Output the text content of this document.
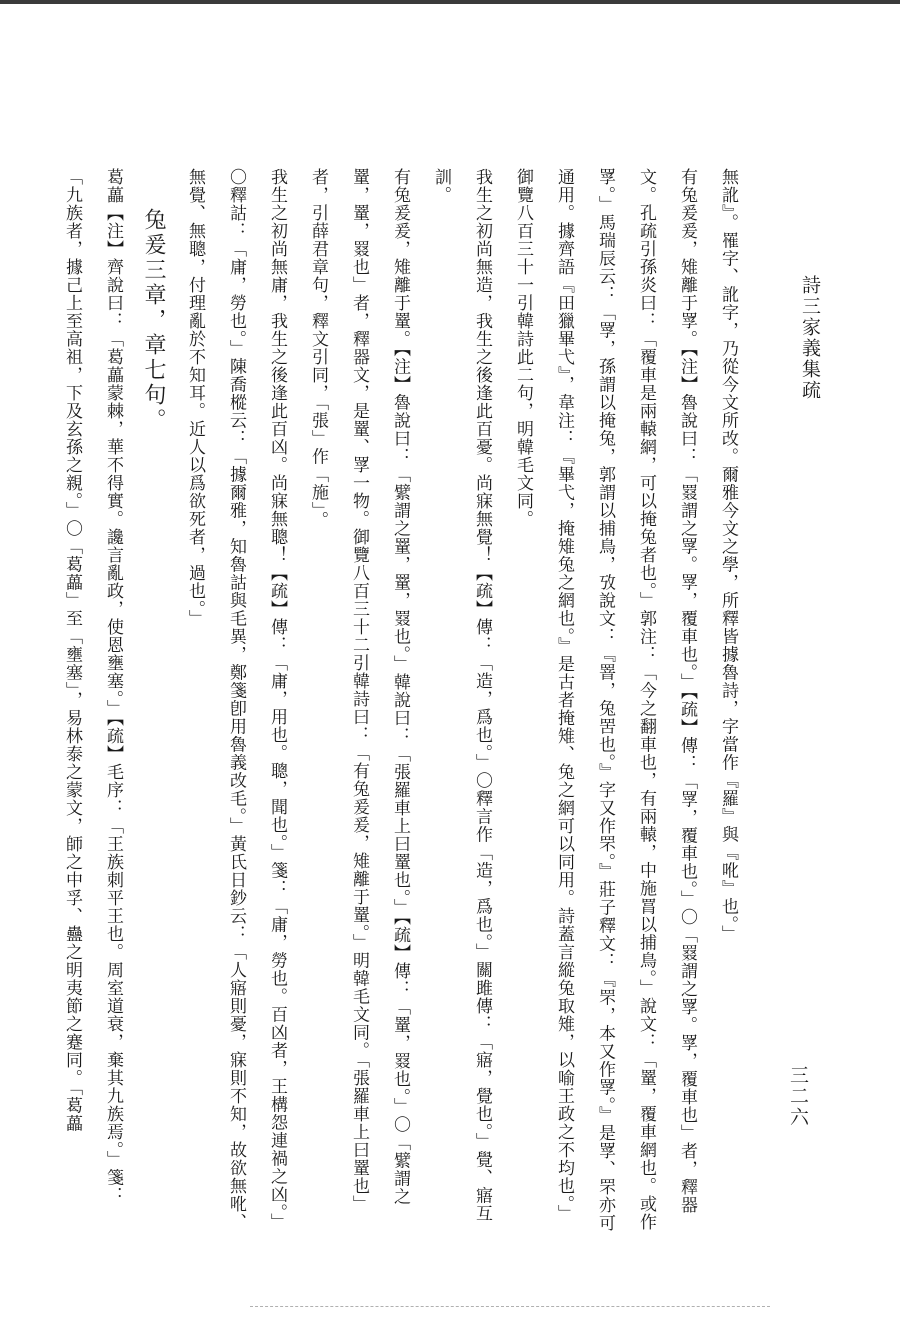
詩三家義集疏
三二六

無訛』。罹字、訛字，乃從今文所改。爾雅今文之學，所釋皆據魯詩，字當作『羅』與『吪』也。」

有兔爰爰，雉離于罦。【注】魯說曰：「罬謂之罦。罦，覆車也。」【疏】傳：「罦，覆車也。」〇「罬謂之罦。罦，覆車也」者，釋器文。孔疏引孫炎曰：「覆車是兩轅網，可以掩兔者也。」郭注：「今之翻車也，有兩轅，中施罥以捕鳥。」說文：「罿，覆車網也。或作罦。」馬瑞辰云：「罦，孫謂以掩兔，郭謂以捕鳥，攷說文：『罯，兔罟也。』字又作罘。』莊子釋文：『罘，本又作罦。』是罦、罘亦可通用。據齊語『田獵畢弋』，韋注：『畢弋，掩雉兔之網也。』是古者掩雉、兔之網可以同用。詩蓋言縱兔取雉，以喻王政之不均也。」御覽八百三十一引韓詩此二句，明韓毛文同。

我生之初尚無造，我生之後逢此百憂。尚寐無覺！【疏】傳：「造，爲也。」〇釋言作「造，爲也。」關雎傳：「寤，覺也。」覺、寤互訓。

有兔爰爰，雉離于罿。【注】魯說曰：「繴謂之罿，罿，罬也。」韓說曰：「張羅車上曰罿也。」【疏】傳：「罿，罬也。」〇「繴謂之罿，罿，罬也」者，釋器文，是罿、罦一物。御覽八百三十二引韓詩曰：「有兔爰爰，雉離于罿。」明韓毛文同。「張羅車上曰罿也」者，引薛君章句，釋文引同，「張」作「施」。

我生之初尚無庸，我生之後逢此百凶。尚寐無聰！【疏】傳：「庸，用也。聰，聞也。」箋：「庸，勞也。百凶者，王構怨連禍之凶。」〇釋詁：「庸，勞也。」陳喬樅云：「據爾雅，知魯詁與毛異，鄭箋卽用魯義改毛。」黃氏日鈔云：「人寤則憂，寐則不知，故欲無吪、無覺、無聰，付理亂於不知耳。近人以爲欲死者，過也。」

兔爰三章，章七句。

葛藟【注】齊說曰：「葛藟蒙棘，華不得實。讒言亂政，使恩壅塞。」【疏】毛序：「王族刺平王也。周室道衰，棄其九族焉。」箋：「九族者，據己上至高祖，下及玄孫之親。」〇「葛藟」至「壅塞」，易林泰之蒙文，師之中孚、蠱之明夷節之蹇同。「葛藟
